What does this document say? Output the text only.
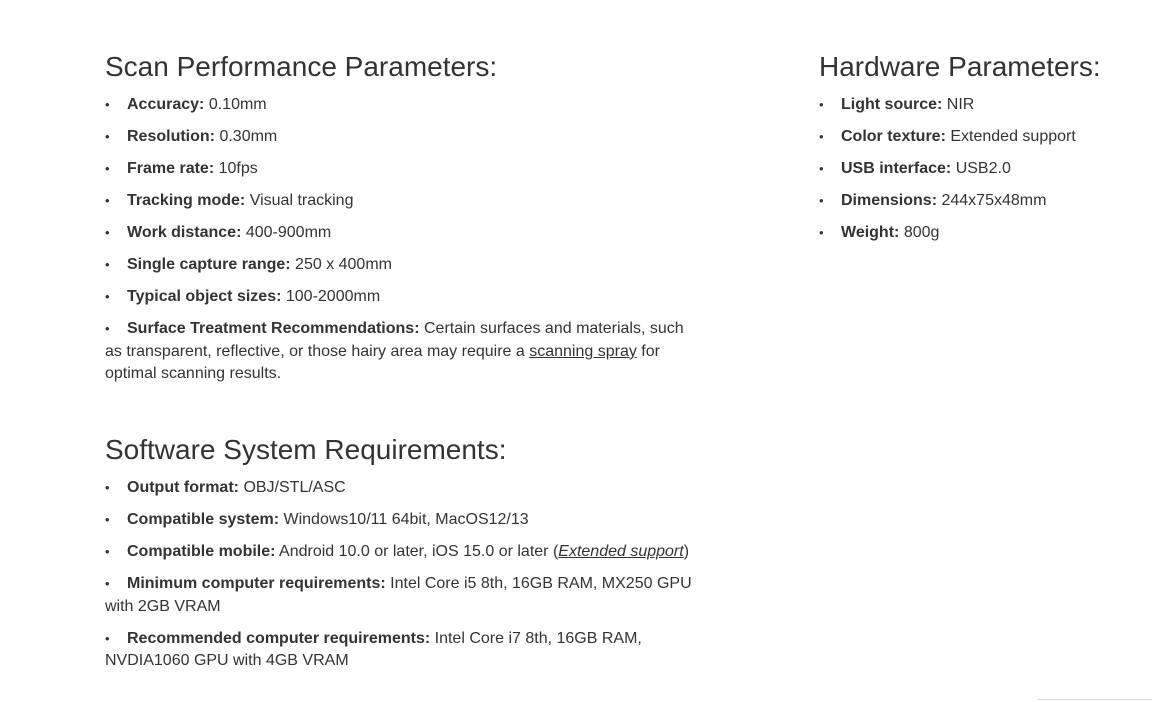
Scan Performance Parameters:
• Accuracy: 0.10mm
• Resolution: 0.30mm
• Frame rate: 10fps
• Tracking mode: Visual tracking
• Work distance: 400-900mm
• Single capture range: 250 x 400mm
• Typical object sizes: 100-2000mm
• Surface Treatment Recommendations: Certain surfaces and materials, such as transparent, reflective, or those hairy area may require a scanning spray for optimal scanning results.
Software System Requirements:
• Output format: OBJ/STL/ASC
• Compatible system: Windows10/11 64bit, MacOS12/13
• Compatible mobile: Android 10.0 or later, iOS 15.0 or later (Extended support)
• Minimum computer requirements: Intel Core i5 8th, 16GB RAM, MX250 GPU with 2GB VRAM
• Recommended computer requirements: Intel Core i7 8th, 16GB RAM, NVDIA1060 GPU with 4GB VRAM
Hardware Parameters:
• Light source: NIR
• Color texture: Extended support
• USB interface: USB2.0
• Dimensions: 244x75x48mm
• Weight: 800g
